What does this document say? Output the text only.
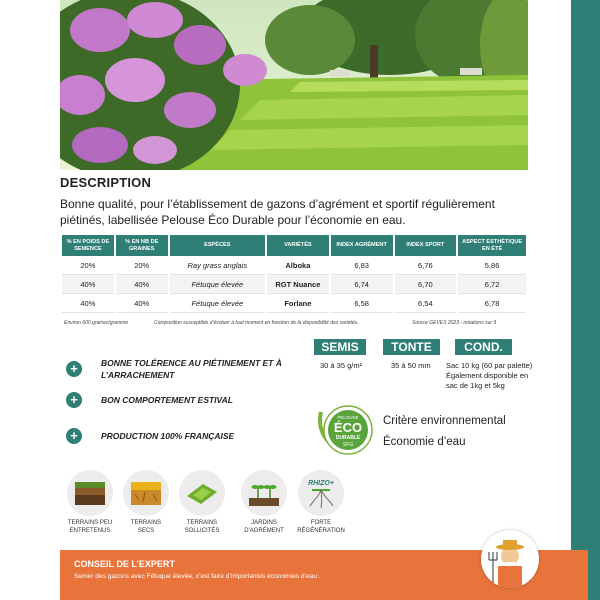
DESCRIPTION
Bonne qualité, pour l’établissement de gazons d’agrément et sportif régulièrement piétinés, labellisée Pelouse Éco Durable pour l’économie en eau.
% EN POIDS DE SEMENCE	% EN NB DE GRAINES	ESPÈCES	VARIÉTÉS	INDEX AGRÉMENT	INDEX SPORT	ASPECT ESTHÉTIQUE EN ÉTÉ
20%	20%	Ray grass anglais	Alboka	6,83	6,76	5,86
40%	40%	Fétuque élevée	RGT Nuance	6,74	6,70	6,72
40%	40%	Fétuque élevée	Forlane	6,58	6,54	6,78
Environ 600 graines/gramme	Composition susceptible d’évoluer à tout moment en fonction de la disponibilité des variétés.	Source GEVES 2023 - notations sur 9
+	BONNE TOLÉRENCE AU PIÉTINEMENT ET À L’ARRACHEMENT
+	BON COMPORTEMENT ESTIVAL
+	PRODUCTION 100% FRANÇAISE
SEMIS
30 à 35 g/m²
TONTE
35 à 50 mm
COND.
Sac 10 kg (60 par palette)
Également disponible en
sac de 1kg et 5kg
PELOUSE
ÉCO
DURABLE
SFG
Critère environnemental
Économie d’eau
TERRAINS PEU
ENTRETENUS
TERRAINS
SECS
TERRAINS
SOLLICITÉS
JARDINS
D'AGRÉMENT
RHIZO+
FORTE
RÉGÉNÉRATION
CONSEIL DE L’EXPERT
Semer des gazons avec Fétuque élevée, c’est faire d’importantes économies d’eau .
